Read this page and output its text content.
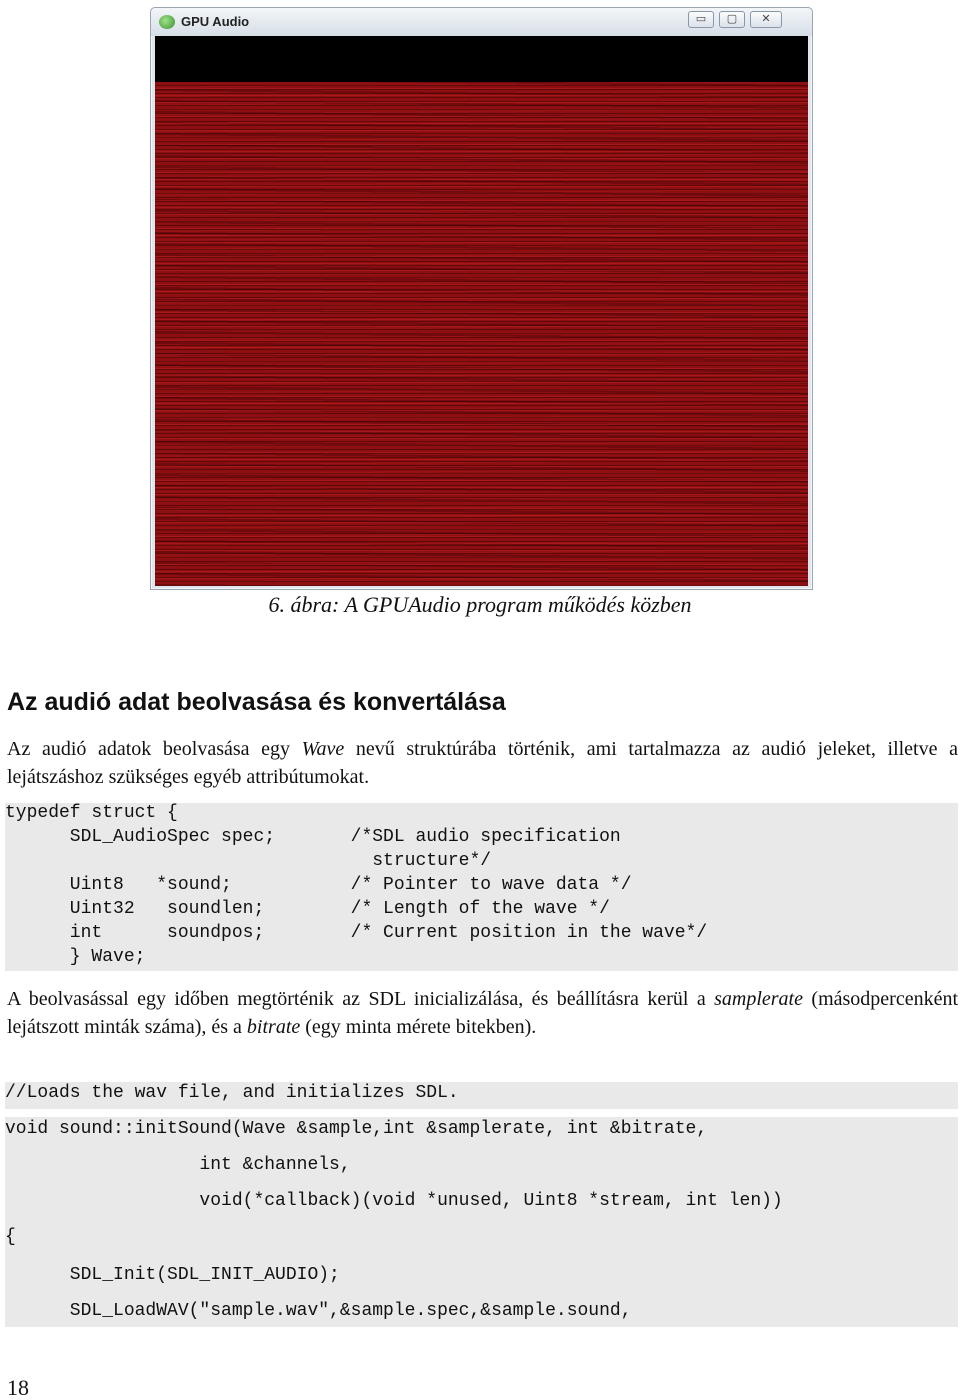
GPU Audio	▭	▢	✕
6. ábra: A GPUAudio program működés közben
Az audió adat beolvasása és konvertálása
Az audió adatok beolvasása egy Wave nevű struktúrába történik, ami tartalmazza az audió jeleket, illetve a lejátszáshoz szükséges egyéb attribútumokat.

typedef struct {

SDL_AudioSpec spec;       /*SDL audio specification

structure*/

Uint8   *sound;           /* Pointer to wave data */

Uint32   soundlen;        /* Length of the wave */

int      soundpos;        /* Current position in the wave*/

} Wave;

A beolvasással egy időben megtörténik az SDL inicializálása, és beállításra kerül a samplerate (másodpercenként lejátszott minták száma), és a bitrate (egy minta mérete bitekben).

//Loads the wav file, and initializes SDL.

void sound::initSound(Wave &sample,int &samplerate, int &bitrate,

int &channels,

void(*callback)(void *unused, Uint8 *stream, int len))

{

SDL_Init(SDL_INIT_AUDIO);

SDL_LoadWAV("sample.wav",&sample.spec,&sample.sound,

18
